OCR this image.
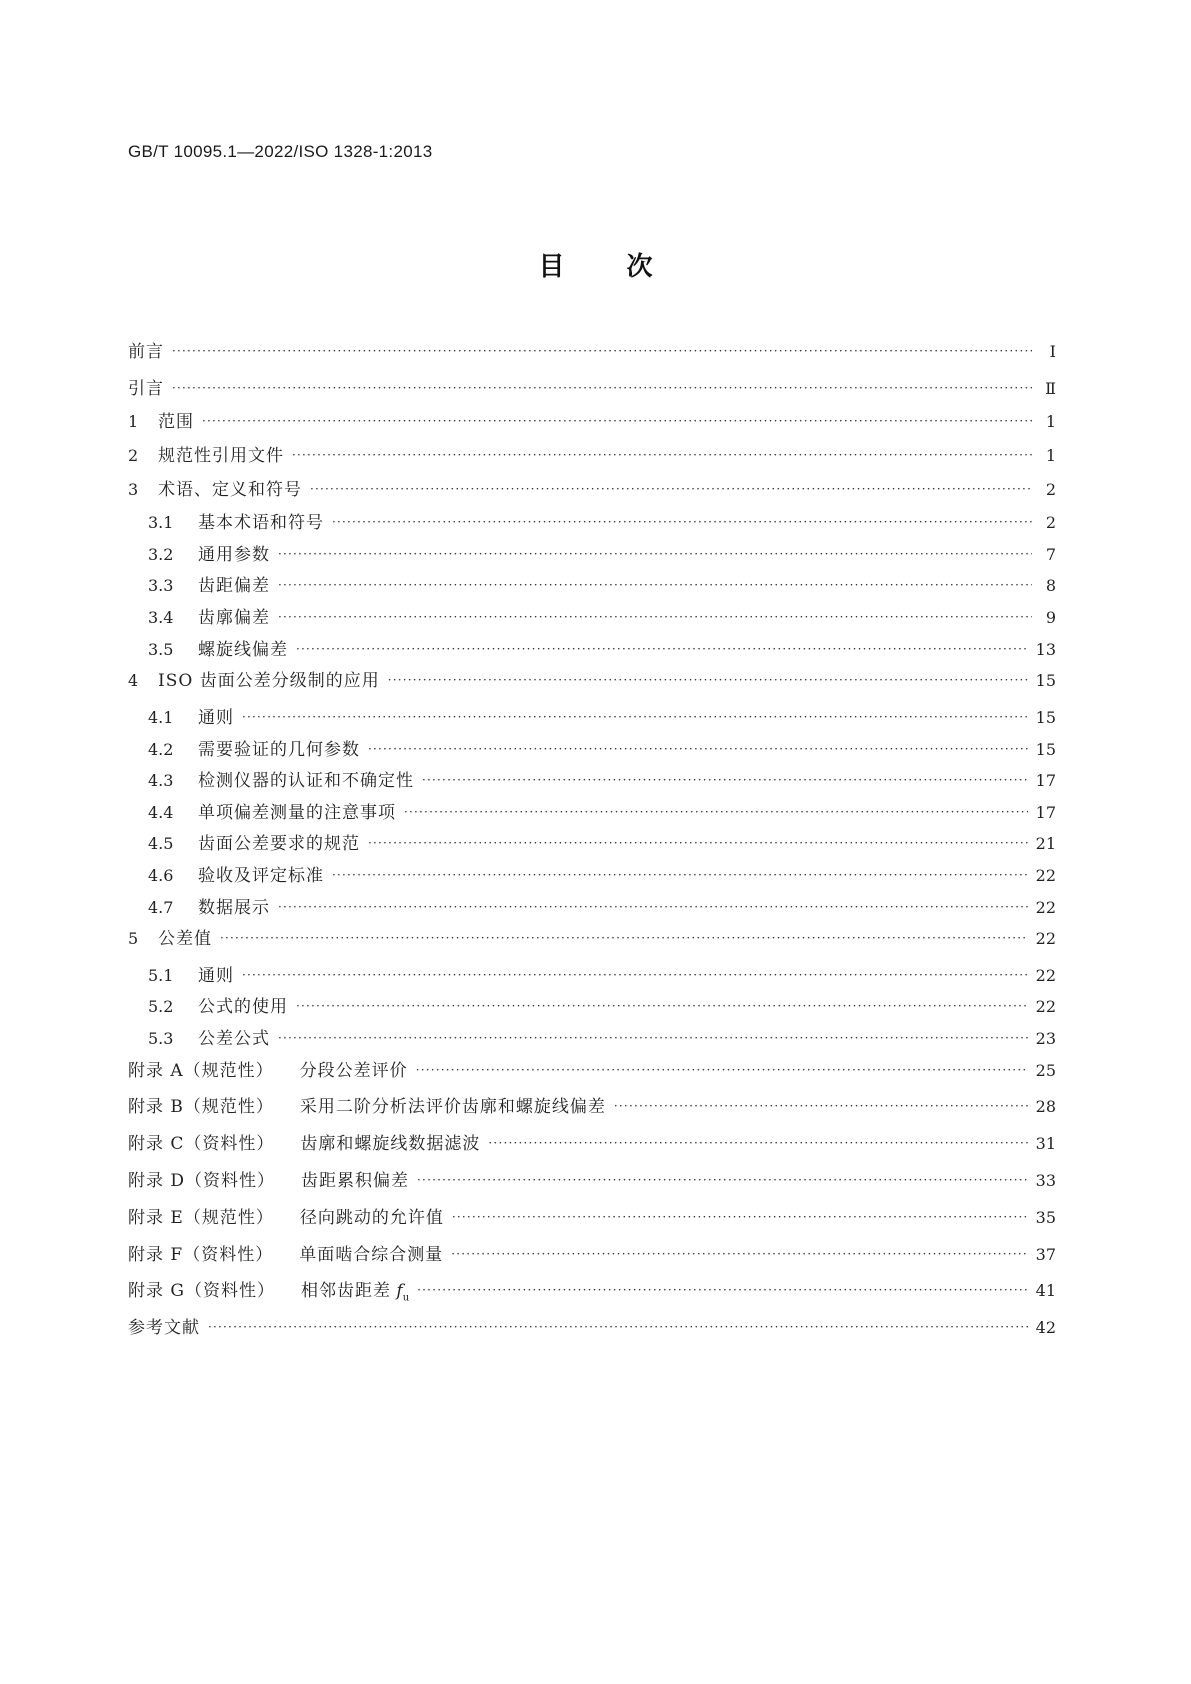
GB/T 10095.1—2022/ISO 1328-1:2013
目次
前言 ·····	Ⅰ
引言 ·····	Ⅱ
1	范围 ·····	1
2	规范性引用文件 ·····	1
3	术语、定义和符号 ·····	2
3.1	基本术语和符号 ·····	2
3.2	通用参数 ·····	7
3.3	齿距偏差 ·····	8
3.4	齿廓偏差 ·····	9
3.5	螺旋线偏差 ·····	13
4	ISO 齿面公差分级制的应用 ·····	15
4.1	通则 ·····	15
4.2	需要验证的几何参数 ·····	15
4.3	检测仪器的认证和不确定性 ·····	17
4.4	单项偏差测量的注意事项 ·····	17
4.5	齿面公差要求的规范 ·····	21
4.6	验收及评定标准 ·····	22
4.7	数据展示 ·····	22
5	公差值 ·····	22
5.1	通则 ·····	22
5.2	公式的使用 ·····	22
5.3	公差公式 ·····	23
附录 A（规范性） 分段公差评价 ·····	25
附录 B（规范性） 采用二阶分析法评价齿廓和螺旋线偏差 ·····	28
附录 C（资料性） 齿廓和螺旋线数据滤波 ·····	31
附录 D（资料性） 齿距累积偏差 ·····	33
附录 E（规范性） 径向跳动的允许值 ·····	35
附录 F（资料性） 单面啮合综合测量 ·····	37
附录 G（资料性） 相邻齿距差 $f_u$ ·····	41
参考文献 ·····	42
